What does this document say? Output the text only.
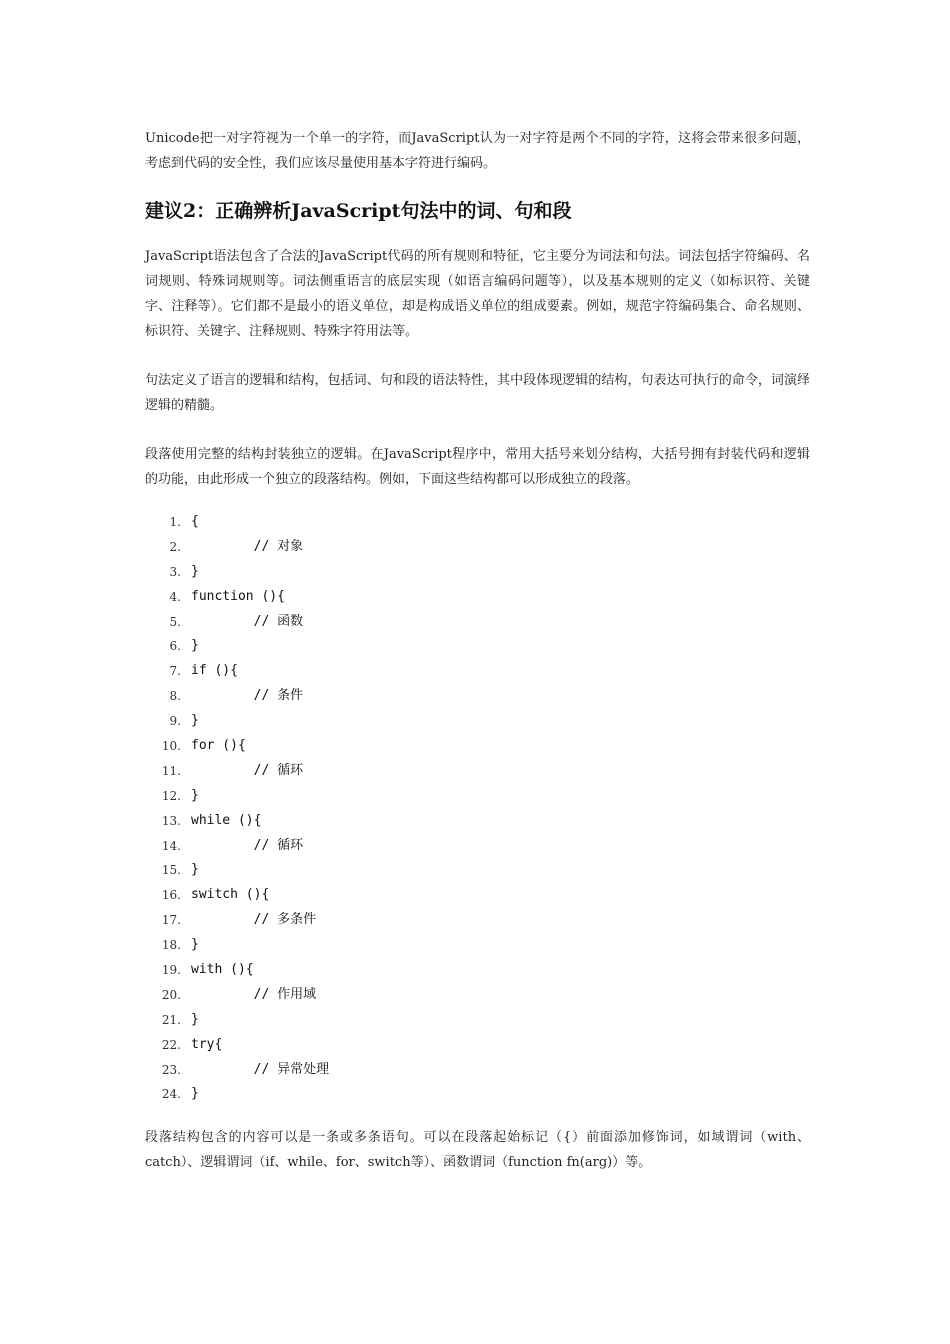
Unicode把一对字符视为一个单一的字符，而JavaScript认为一对字符是两个不同的字符，这将会带来很多问题，考虑到代码的安全性，我们应该尽量使用基本字符进行编码。

建议2：正确辨析JavaScript句法中的词、句和段

JavaScript语法包含了合法的JavaScript代码的所有规则和特征，它主要分为词法和句法。词法包括字符编码、名词规则、特殊词规则等。词法侧重语言的底层实现（如语言编码问题等），以及基本规则的定义（如标识符、关键字、注释等）。它们都不是最小的语义单位，却是构成语义单位的组成要素。例如，规范字符编码集合、命名规则、标识符、关键字、注释规则、特殊字符用法等。

句法定义了语言的逻辑和结构，包括词、句和段的语法特性，其中段体现逻辑的结构，句表达可执行的命令，词演绎逻辑的精髓。

段落使用完整的结构封装独立的逻辑。在JavaScript程序中，常用大括号来划分结构，大括号拥有封装代码和逻辑的功能，由此形成一个独立的段落结构。例如，下面这些结构都可以形成独立的段落。

1. {
2. // 对象
3. }
4. function (){
5. // 函数
6. }
7. if (){
8. // 条件
9. }
10. for (){
11. // 循环
12. }
13. while (){
14. // 循环
15. }
16. switch (){
17. // 多条件
18. }
19. with (){
20. // 作用域
21. }
22. try{
23. // 异常处理
24. }

段落结构包含的内容可以是一条或多条语句。可以在段落起始标记（{）前面添加修饰词，如域谓词（with、catch）、逻辑谓词（if、while、for、switch等）、函数谓词（function fn(arg)）等。
